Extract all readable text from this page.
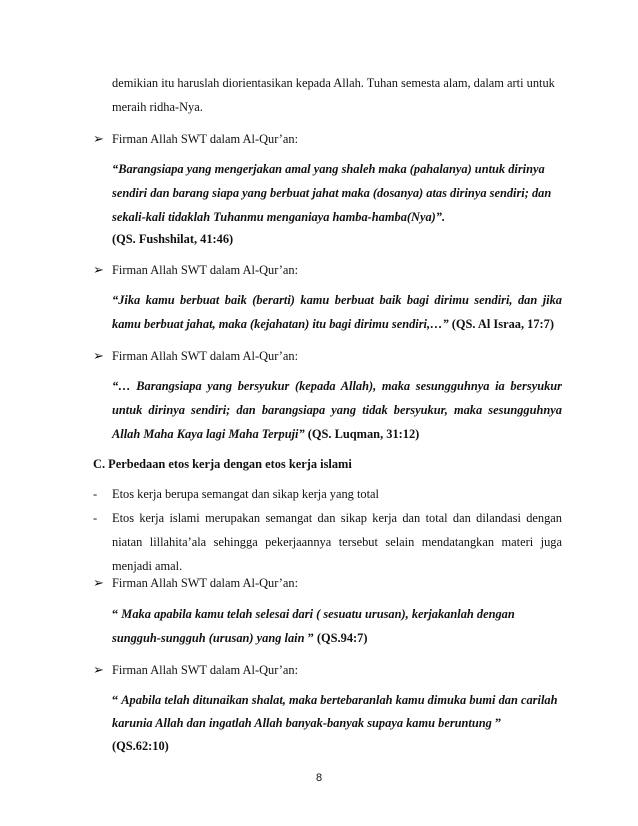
demikian itu haruslah diorientasikan kepada Allah. Tuhan semesta alam, dalam arti untuk
meraih ridha-Nya.
➢ Firman Allah SWT dalam Al-Qur’an:
“Barangsiapa yang mengerjakan amal yang shaleh maka (pahalanya) untuk dirinya
sendiri dan barang siapa yang berbuat jahat maka (dosanya) atas dirinya sendiri; dan
sekali-kali tidaklah Tuhanmu menganiaya hamba-hamba(Nya)”.
(QS. Fushshilat, 41:46)
➢ Firman Allah SWT dalam Al-Qur’an:
“Jika kamu berbuat baik (berarti) kamu berbuat baik bagi dirimu sendiri, dan jika
kamu berbuat jahat, maka (kejahatan) itu bagi dirimu sendiri,…” (QS. Al Israa, 17:7)
➢ Firman Allah SWT dalam Al-Qur’an:
“… Barangsiapa yang bersyukur (kepada Allah), maka sesungguhnya ia bersyukur
untuk dirinya sendiri; dan barangsiapa yang tidak bersyukur, maka sesungguhnya
Allah Maha Kaya lagi Maha Terpuji” (QS. Luqman, 31:12)
C. Perbedaan etos kerja dengan etos kerja islami
- Etos kerja berupa semangat dan sikap kerja yang total
- Etos kerja islami merupakan semangat dan sikap kerja dan total dan dilandasi dengan
niatan lillahita’ala sehingga pekerjaannya tersebut selain mendatangkan materi juga
menjadi amal.
➢ Firman Allah SWT dalam Al-Qur’an:
“ Maka apabila kamu telah selesai dari ( sesuatu urusan), kerjakanlah dengan
sungguh-sungguh (urusan) yang lain ” (QS.94:7)
➢ Firman Allah SWT dalam Al-Qur’an:
“ Apabila telah ditunaikan shalat, maka bertebaranlah kamu dimuka bumi dan carilah
karunia Allah dan ingatlah Allah banyak-banyak supaya kamu beruntung ”
(QS.62:10)
8
